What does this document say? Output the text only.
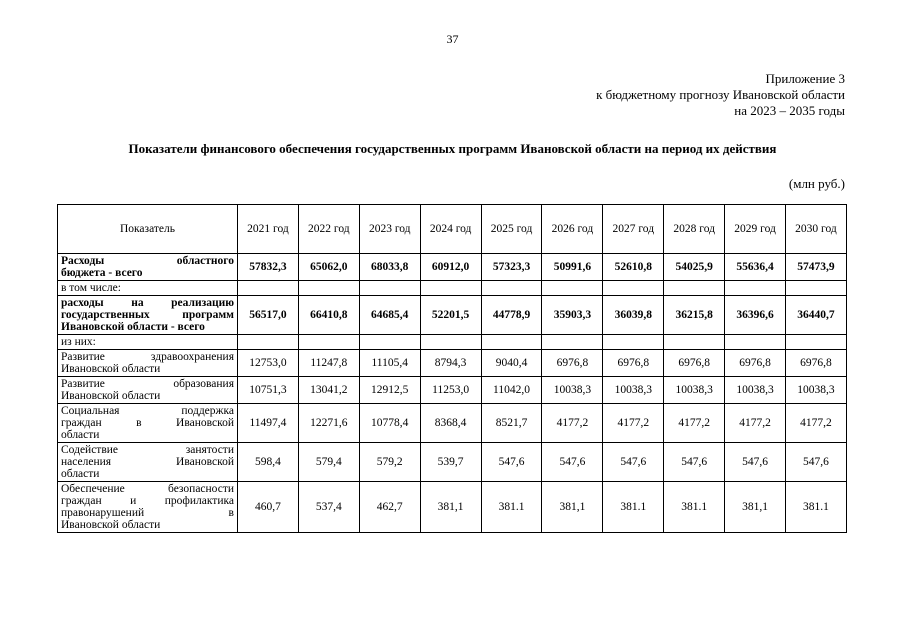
37
Приложение 3
к бюджетному прогнозу Ивановской области
на 2023 – 2035 годы
Показатели финансового обеспечения государственных программ Ивановской области на период их действия
(млн руб.)
Показатель	2021 год	2022 год	2023 год	2024 год	2025 год	2026 год	2027 год	2028 год	2029 год	2030 год

Расходы областного
бюджета - всего	57832,3	65062,0	68033,8	60912,0	57323,3	50991,6	52610,8	54025,9	55636,4	57473,9

в том числе:										

расходы на реализацию
государственных программ
Ивановской области - всего	56517,0	66410,8	64685,4	52201,5	44778,9	35903,3	36039,8	36215,8	36396,6	36440,7

из них:										

Развитие здравоохранения
Ивановской области	12753,0	11247,8	11105,4	8794,3	9040,4	6976,8	6976,8	6976,8	6976,8	6976,8

Развитие образования
Ивановской области	10751,3	13041,2	12912,5	11253,0	11042,0	10038,3	10038,3	10038,3	10038,3	10038,3

Социальная поддержка
граждан в Ивановской
области	11497,4	12271,6	10778,4	8368,4	8521,7	4177,2	4177,2	4177,2	4177,2	4177,2

Содействие занятости
населения Ивановской
области	598,4	579,4	579,2	539,7	547,6	547,6	547,6	547,6	547,6	547,6

Обеспечение безопасности
граждан и профилактика
правонарушений в
Ивановской области	460,7	537,4	462,7	381,1	381.1	381,1	381.1	381.1	381,1	381.1
